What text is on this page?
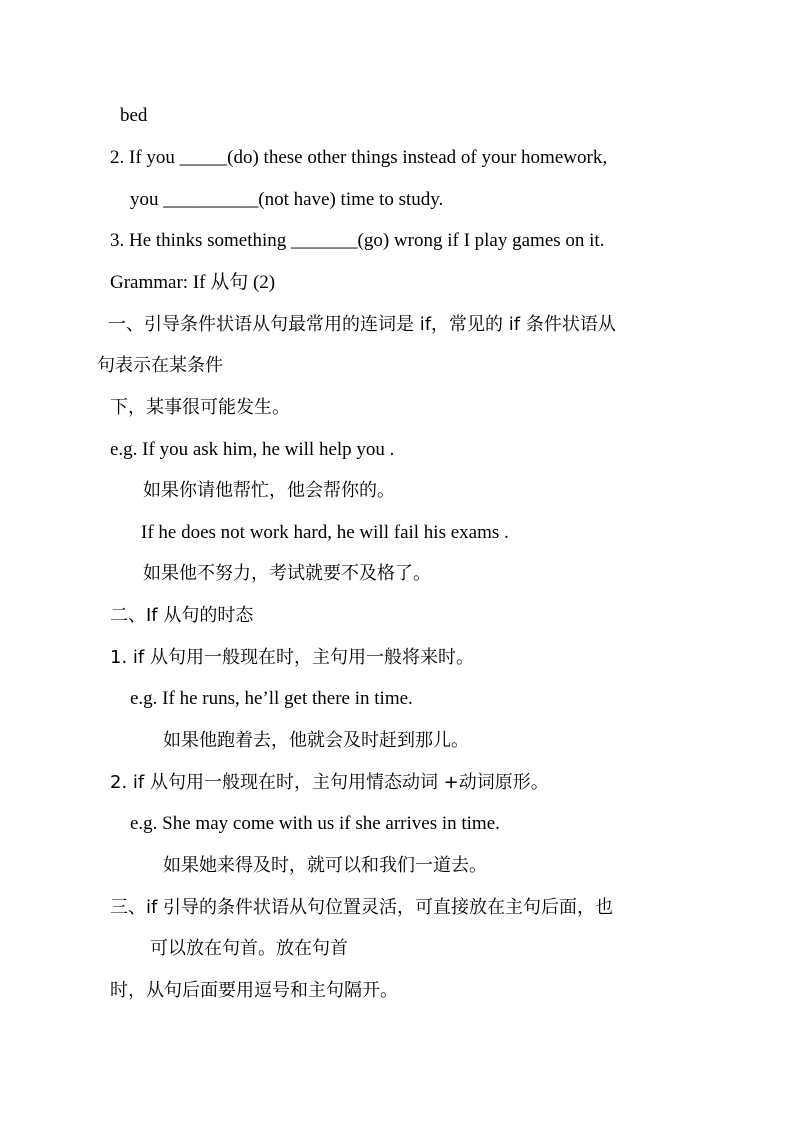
bed
2. If you _____(do) these other things instead of your homework,
you __________(not have) time to study.
3. He thinks something _______(go) wrong if I play games on it.
Grammar: If 从句 (2)
一、引导条件状语从句最常用的连词是 if，常见的 if 条件状语从
句表示在某条件
下，某事很可能发生。
e.g. If you ask him, he will help you .
如果你请他帮忙，他会帮你的。
If he does not work hard, he will fail his exams .
如果他不努力，考试就要不及格了。
二、If 从句的时态
1. if 从句用一般现在时，主句用一般将来时。
e.g. If he runs, he’ll get there in time.
如果他跑着去，他就会及时赶到那儿。
2. if 从句用一般现在时，主句用情态动词 +动词原形。
e.g. She may come with us if she arrives in time.
如果她来得及时，就可以和我们一道去。
三、if 引导的条件状语从句位置灵活，可直接放在主句后面，也
可以放在句首。放在句首
时，从句后面要用逗号和主句隔开。
